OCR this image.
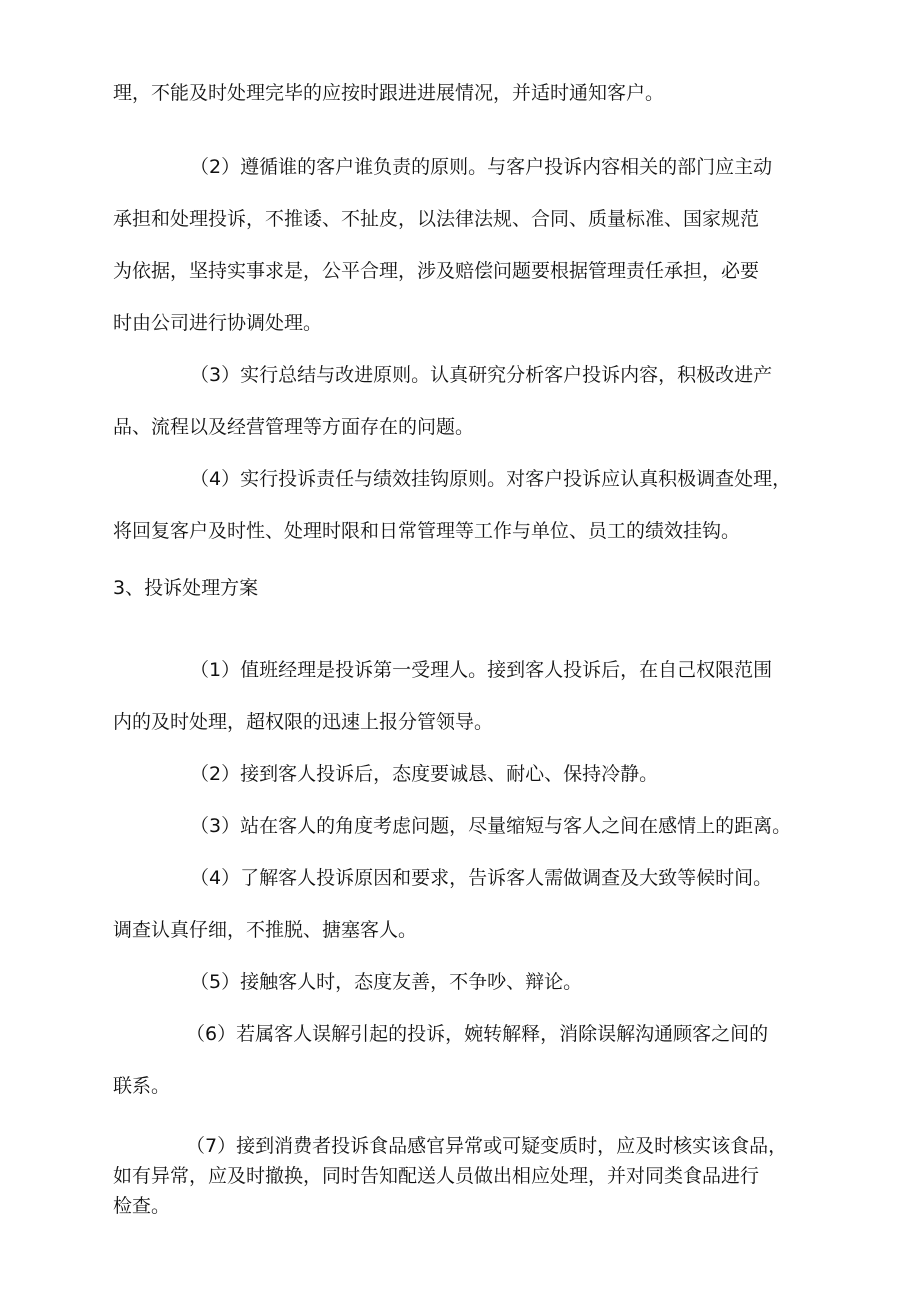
理，不能及时处理完毕的应按时跟进进展情况，并适时通知客户。

（2）遵循谁的客户谁负责的原则。与客户投诉内容相关的部门应主动

承担和处理投诉，不推诿、不扯皮，以法律法规、合同、质量标准、国家规范

为依据，坚持实事求是，公平合理，涉及赔偿问题要根据管理责任承担，必要

时由公司进行协调处理。

（3）实行总结与改进原则。认真研究分析客户投诉内容，积极改进产

品、流程以及经营管理等方面存在的问题。

（4）实行投诉责任与绩效挂钩原则。对客户投诉应认真积极调查处理，

将回复客户及时性、处理时限和日常管理等工作与单位、员工的绩效挂钩。

3、投诉处理方案

（1）值班经理是投诉第一受理人。接到客人投诉后，在自己权限范围

内的及时处理，超权限的迅速上报分管领导。

（2）接到客人投诉后，态度要诚恳、耐心、保持冷静。

（3）站在客人的角度考虑问题，尽量缩短与客人之间在感情上的距离。

（4）了解客人投诉原因和要求，告诉客人需做调查及大致等候时间。

调查认真仔细，不推脱、搪塞客人。

（5）接触客人时，态度友善，不争吵、辩论。

（6）若属客人误解引起的投诉，婉转解释，消除误解沟通顾客之间的

联系。

（7）接到消费者投诉食品感官异常或可疑变质时，应及时核实该食品，

如有异常，应及时撤换，同时告知配送人员做出相应处理，并对同类食品进行

检查。
